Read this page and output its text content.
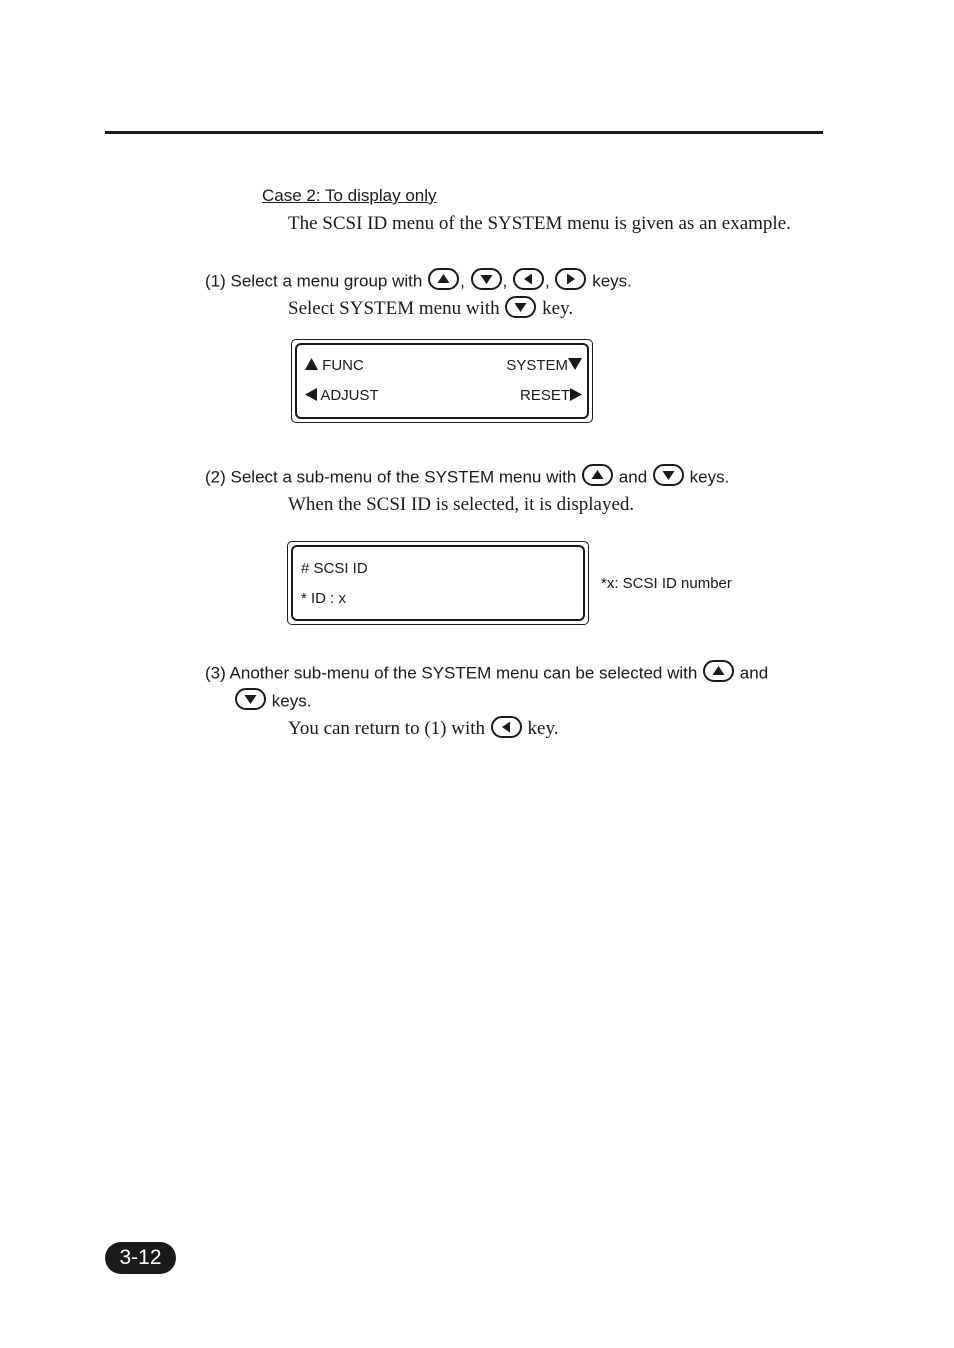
Case 2: To display only
The SCSI ID menu of the SYSTEM menu is given as an example.
(1) Select a menu group with , , , keys.
Select SYSTEM menu with key.
FUNC	SYSTEM
ADJUST	RESET
(2) Select a sub-menu of the SYSTEM menu with and keys.
When the SCSI ID is selected, it is displayed.
# SCSI ID
* ID : x
*x: SCSI ID number
(3) Another sub-menu of the SYSTEM menu can be selected with and
keys.
You can return to (1) with key.
3-12
